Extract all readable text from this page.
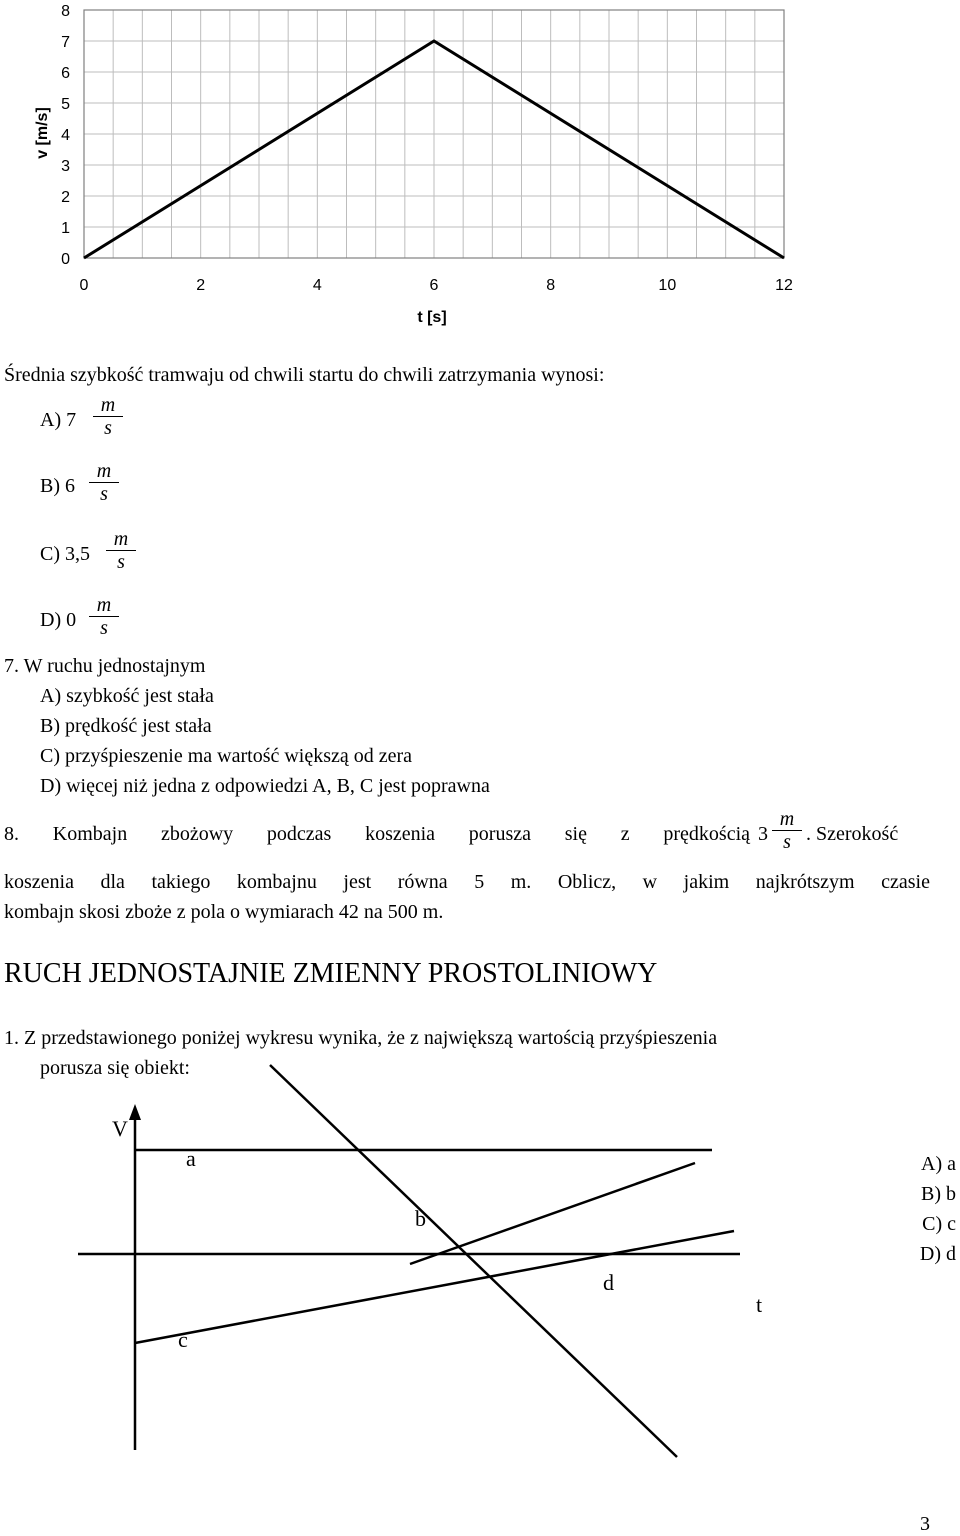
0
1
2
3
4
5
6
7
8
0	2	4	6	8	10	12
t [s]
v [m/s]
Średnia szybkość tramwaju od chwili startu do chwili zatrzymania wynosi:
A) $7 \frac{m}{s}$
B) $6 \frac{m}{s}$
C) $3,5 \frac{m}{s}$
D) $0 \frac{m}{s}$
7. W ruchu jednostajnym
A) szybkość jest stała
B) prędkość jest stała
C) przyśpieszenie ma wartość większą od zera
D) więcej niż jedna z odpowiedzi A, B, C jest poprawna
8. Kombajn zbożowy podczas koszenia porusza się z prędkością $3 \frac{m}{s}$ . Szerokość
koszenia dla takiego kombajnu jest równa 5 m. Oblicz, w jakim najkrótszym czasie
kombajn skosi zboże z pola o wymiarach 42 na 500 m.
RUCH JEDNOSTAJNIE ZMIENNY PROSTOLINIOWY
1. Z przedstawionego poniżej wykresu wynika, że z największą wartością przyśpieszenia
porusza się obiekt:
V
a
b
d
c
t
A) a
B) b
C) c
D) d
3
